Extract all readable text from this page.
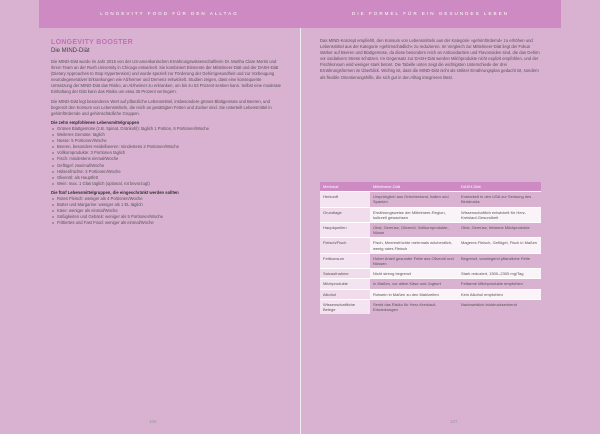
LONGEVITY FOOD FÜR DEN ALLTAG
LONGEVITY BOOSTER
Die MIND-Diät

Die MIND-Diät wurde im Jahr 2015 von der US-amerikanischen Ernährungswissenschaftlerin Dr. Martha Clare Morris und ihrem Team an der Rush University in Chicago entwickelt. Sie kombiniert Elemente der Mittelmeer-Diät und der DASH-Diät (Dietary Approaches to Stop Hypertension) und wurde speziell zur Förderung der Gehirngesundheit und zur Vorbeugung neurodegenerativer Erkrankungen wie Alzheimer und Demenz entwickelt. Studien zeigen, dass eine konsequente Umsetzung der MIND-Diät das Risiko, an Alzheimer zu erkranken, um bis zu 53 Prozent senken kann. Selbst eine moderate Einhaltung der Diät kann das Risiko um etwa 35 Prozent verringern.

Die MIND-Diät legt besonderen Wert auf pflanzliche Lebensmittel, insbesondere grünes Blattgemüse und Beeren, und begrenzt den Konsum von Lebensmitteln, die reich an gesättigten Fetten und Zucker sind. Sie unterteilt Lebensmittel in gehirnfördernde und gehirnschädliche Gruppen.

Die zehn empfohlenen Lebensmittelgruppen
Grünes Blattgemüse (z.B. Spinat, Grünkohl): täglich 1 Portion, 6 Portionen/Woche
Weiteres Gemüse: täglich
Nüsse: 5 Portionen/Woche
Beeren, besonders Heidelbeeren: mindestens 2 Portionen/Woche
Vollkornprodukte: 3 Portionen täglich
Fisch: mindestens einmal/Woche
Geflügel: zweimal/Woche
Hülsenfrüchte: 3 Portionen/Woche
Olivenöl: als Hauptfett
Wein: max. 1 Glas täglich (optional, rot bevorzugt)
Die fünf Lebensmittelgruppen, die eingeschränkt werden sollten
Rotes Fleisch: weniger als 4 Portionen/Woche
Butter und Margarine: weniger als 1 EL täglich
Käse: weniger als einmal/Woche
Süßigkeiten und Gebäck: weniger als 5 Portionen/Woche
Frittiertes und Fast Food: weniger als einmal/Woche
106
DIE FORMEL FÜR EIN GESUNDES LEBEN

Das MIND-Konzept empfiehlt, den Konsum von Lebensmitteln aus der Kategorie »gehirnfördernd« zu erhöhen und Lebensmittel aus der Kategorie »gehirnschädlich« zu reduzieren. Im Vergleich zur Mittelmeer-Diät liegt der Fokus stärker auf Beeren und Blattgemüse, da diese besonders reich an Antioxidantien und Flavonoiden sind, die das Gehirn vor oxidativem Stress schützen. Im Gegensatz zur DASH-Diät werden Milchprodukte nicht explizit empfohlen, und der Fischkonsum wird weniger stark betont. Die Tabelle unten zeigt die wichtigsten Unterschiede der drei Ernährungsformen im Überblick. Wichtig ist, dass die MIND-Diät nicht als strikter Ernährungsplan gedacht ist, sondern als flexible Orientierungshilfe, die sich gut in den Alltag integrieren lässt.

Merkmal	Mittelmeer-Diät	DASH-Diät
Herkunft	Ursprünglich aus Griechenland, Italien und Spanien	Entwickelt in den USA zur Senkung des Blutdrucks
Grundlage	Ernährungsweise der Mittelmeer-Region, kulturell gewachsen	Wissenschaftlich entwickelt für Herz-Kreislauf-Gesundheit
Hauptquellen	Obst, Gemüse, Olivenöl, Vollkornprodukte, Nüsse	Obst, Gemüse, fettarme Milchprodukte
Fleisch/Fisch	Fisch, Meeresfrüchte mehrmals wöchentlich, wenig rotes Fleisch	Mageres Fleisch, Geflügel, Fisch in Maßen
Fettkonsum	Hoher Anteil gesunder Fette aus Olivenöl und Nüssen	Begrenzt, vorwiegend pflanzliche Fette
Salzaufnahme	Nicht streng begrenzt	Stark reduziert, 1500–2300 mg/Tag
Milchprodukte	In Maßen, vor allem Käse und Joghurt	Fettarme Milchprodukte empfohlen
Alkohol	Rotwein in Maßen zu den Mahlzeiten	Kein Alkohol empfohlen
Wissenschaftliche Belege	Senkt das Risiko für Herz-Kreislauf-Erkrankungen	Nachweislich blutdrucksenkend
107
